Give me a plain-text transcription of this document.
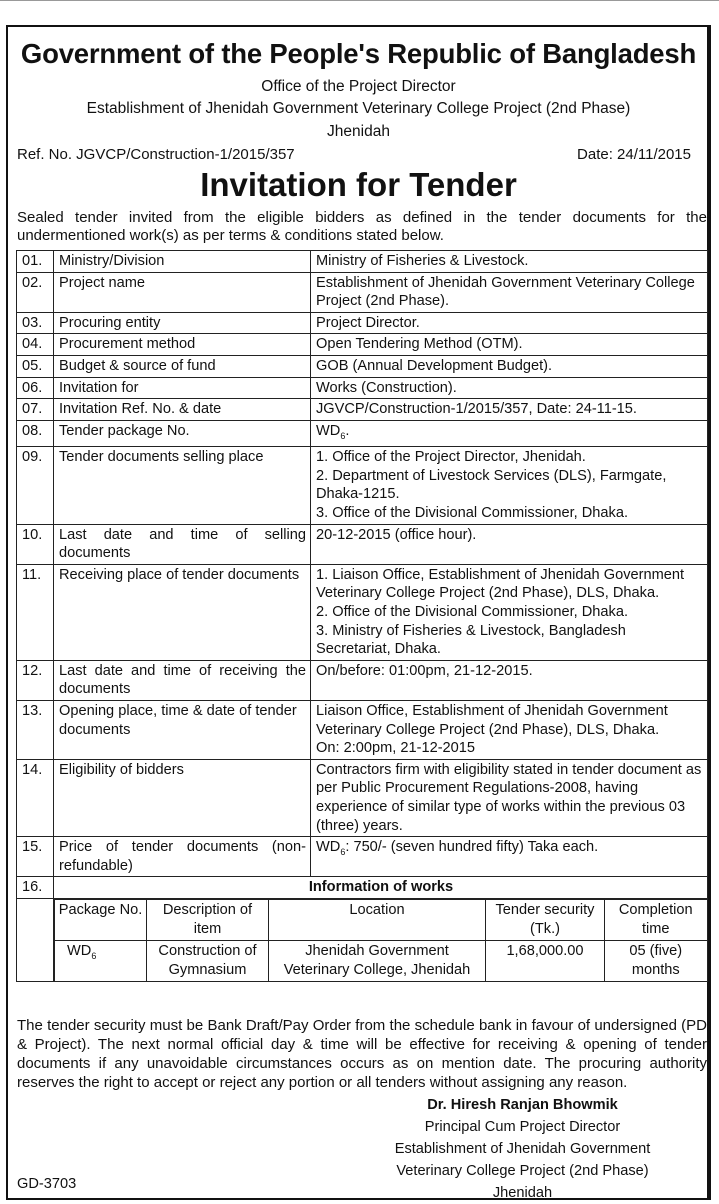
Government of the People's Republic of Bangladesh
Office of the Project Director
Establishment of Jhenidah Government Veterinary College Project (2nd Phase)
Jhenidah
Ref. No. JGVCP/Construction-1/2015/357	Date: 24/11/2015
Invitation for Tender
Sealed tender invited from the eligible bidders as defined in the tender documents for the undermentioned work(s) as per terms & conditions stated below.
01.	Ministry/Division	Ministry of Fisheries & Livestock.
02.	Project name	Establishment of Jhenidah Government Veterinary College Project (2nd Phase).
03.	Procuring entity	Project Director.
04.	Procurement method	Open Tendering Method (OTM).
05.	Budget & source of fund	GOB (Annual Development Budget).
06.	Invitation for	Works (Construction).
07.	Invitation Ref. No. & date	JGVCP/Construction-1/2015/357, Date: 24-11-15.
08.	Tender package No.	$WD_6$.
09.	Tender documents selling place	1. Office of the Project Director, Jhenidah.
2. Department of Livestock Services (DLS), Farmgate, Dhaka-1215.
3. Office of the Divisional Commissioner, Dhaka.

10.	Last date and time of selling documents	20-12-2015 (office hour).
11.	Receiving place of tender documents	1. Liaison Office, Establishment of Jhenidah Government Veterinary College Project (2nd Phase), DLS, Dhaka.
2. Office of the Divisional Commissioner, Dhaka.
3. Ministry of Fisheries & Livestock, Bangladesh Secretariat, Dhaka.

12.	Last date and time of receiving the documents	On/before: 01:00pm, 21-12-2015.
13.	Opening place, time & date of tender documents	
Liaison Office, Establishment of Jhenidah Government Veterinary College Project (2nd Phase), DLS, Dhaka.
On: 2:00pm, 21-12-2015

14.	Eligibility of bidders	Contractors firm with eligibility stated in tender document as per Public Procurement Regulations-2008, having experience of similar type of works within the previous 03 (three) years.
15.	Price of tender documents (non-refundable)	$WD_6$: 750/- (seven hundred fifty) Taka each.
16.	Information of works

Package No.	Description of item	Location	Tender security (Tk.)	Completion time
$WD_6$	Construction of Gymnasium	Jhenidah Government Veterinary College, Jhenidah	1,68,000.00	05 (five) months
The tender security must be Bank Draft/Pay Order from the schedule bank in favour of undersigned (PD & Project). The next normal official day & time will be effective for receiving & opening of tender documents if any unavoidable circumstances occurs as on mention date. The procuring authority reserves the right to accept or reject any portion or all tenders without assigning any reason.
Dr. Hiresh Ranjan Bhowmik
Principal Cum Project Director
Establishment of Jhenidah Government
Veterinary College Project (2nd Phase)
Jhenidah
GD-3703
